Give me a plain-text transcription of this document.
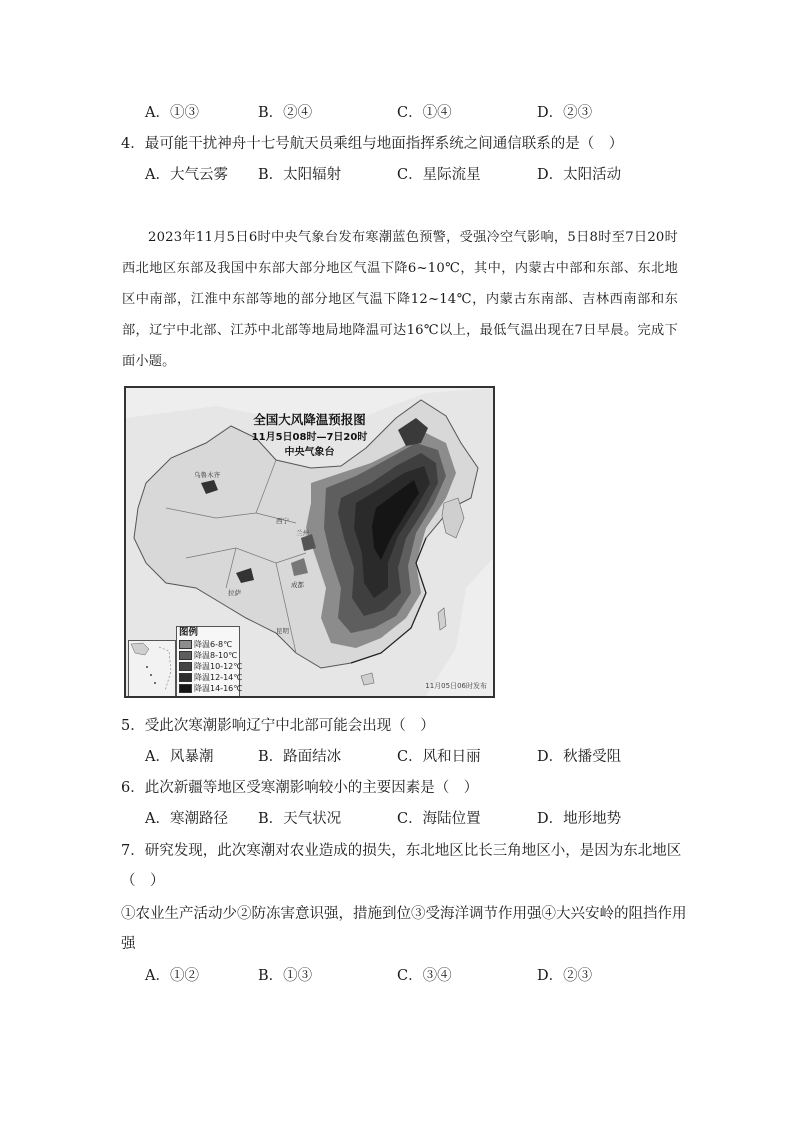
A．①③	B．②④	C．①④	D．②③
4．最可能干扰神舟十七号航天员乘组与地面指挥系统之间通信联系的是（　）
A．大气云雾 B．太阳辐射	C．星际流星	D．太阳活动
2023年11月5日6时中央气象台发布寒潮蓝色预警，受强冷空气影响，5日8时至7日20时西北地区东部及我国中东部大部分地区气温下降6~10℃，其中，内蒙古中部和东部、东北地区中南部，江淮中东部等地的部分地区气温下降12~14℃，内蒙古东南部、吉林西南部和东部，辽宁中北部、江苏中北部等地局地降温可达16℃以上，最低气温出现在7日早晨。完成下面小题。
全国大风降温预报图
11月5日08时—7日20时
中央气象台
乌鲁木齐
拉萨
兰州
西宁
成都
昆明
图例
降温6-8℃
降温8-10℃
降温10-12℃
降温12-14℃
降温14-16℃	11月05日06时发布
5．受此次寒潮影响辽宁中北部可能会出现（　）
A．风暴潮	B．路面结冰	C．风和日丽	D．秋播受阻
6．此次新疆等地区受寒潮影响较小的主要因素是（　）
A．寒潮路径 B．天气状况	C．海陆位置	D．地形地势
7．研究发现，此次寒潮对农业造成的损失，东北地区比长三角地区小，是因为东北地区
（　）
①农业生产活动少②防冻害意识强，措施到位③受海洋调节作用强④大兴安岭的阻挡作用
强
A．①②	B．①③	C．③④	D．②③
